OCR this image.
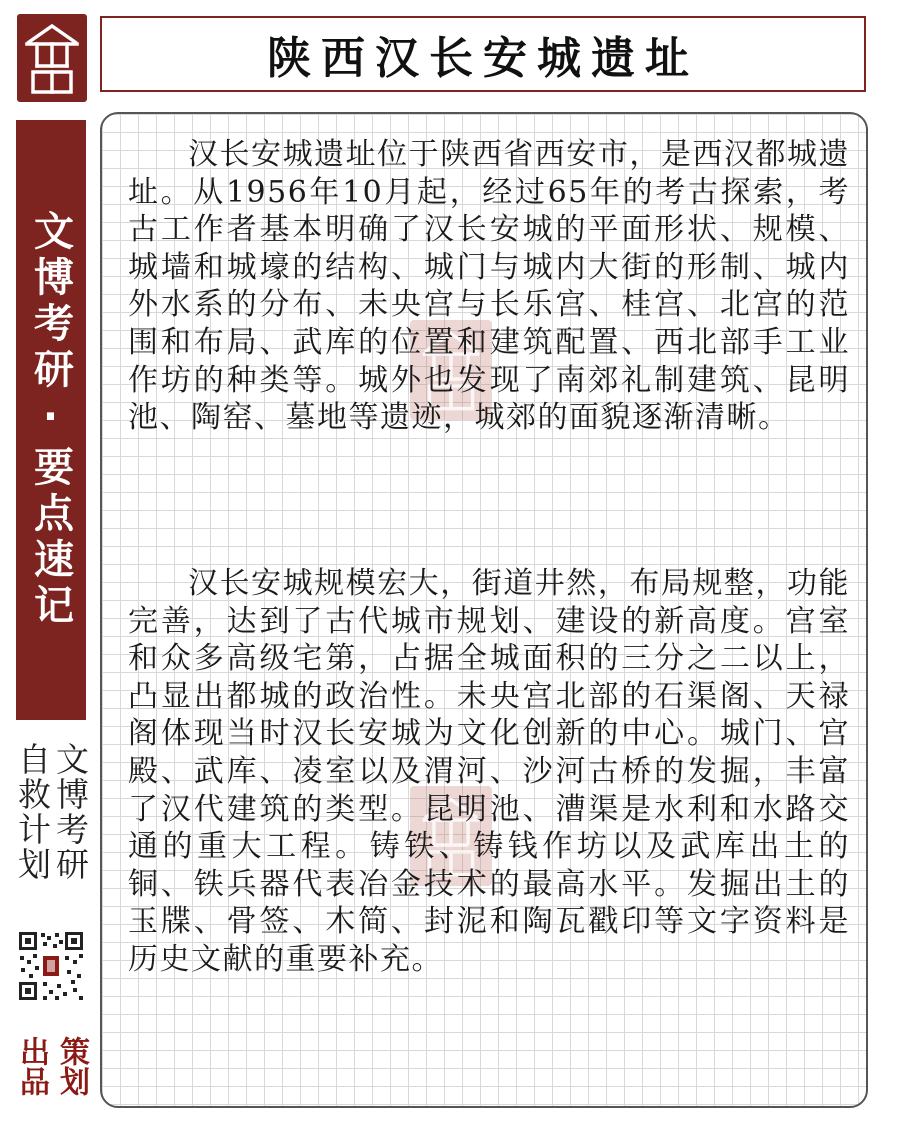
陕西汉长安城遗址
文博考研·要点速记
文博考研
自救计划
策划
出品

汉长安城遗址位于陕西省西安市，是西汉都城遗址。从1956年10月起，经过65年的考古探索，考古工作者基本明确了汉长安城的平面形状、规模、城墙和城壕的结构、城门与城内大街的形制、城内外水系的分布、未央宫与长乐宫、桂宫、北宫的范围和布局、武库的位置和建筑配置、西北部手工业作坊的种类等。城外也发现了南郊礼制建筑、昆明池、陶窑、墓地等遗迹，城郊的面貌逐渐清晰。

汉长安城规模宏大，街道井然，布局规整，功能完善，达到了古代城市规划、建设的新高度。宫室和众多高级宅第，占据全城面积的三分之二以上，凸显出都城的政治性。未央宫北部的石渠阁、天禄阁体现当时汉长安城为文化创新的中心。城门、宫殿、武库、凌室以及渭河、沙河古桥的发掘，丰富了汉代建筑的类型。昆明池、漕渠是水利和水路交通的重大工程。铸铁、铸钱作坊以及武库出土的铜、铁兵器代表冶金技术的最高水平。发掘出土的玉牒、骨签、木简、封泥和陶瓦戳印等文字资料是历史文献的重要补充。
